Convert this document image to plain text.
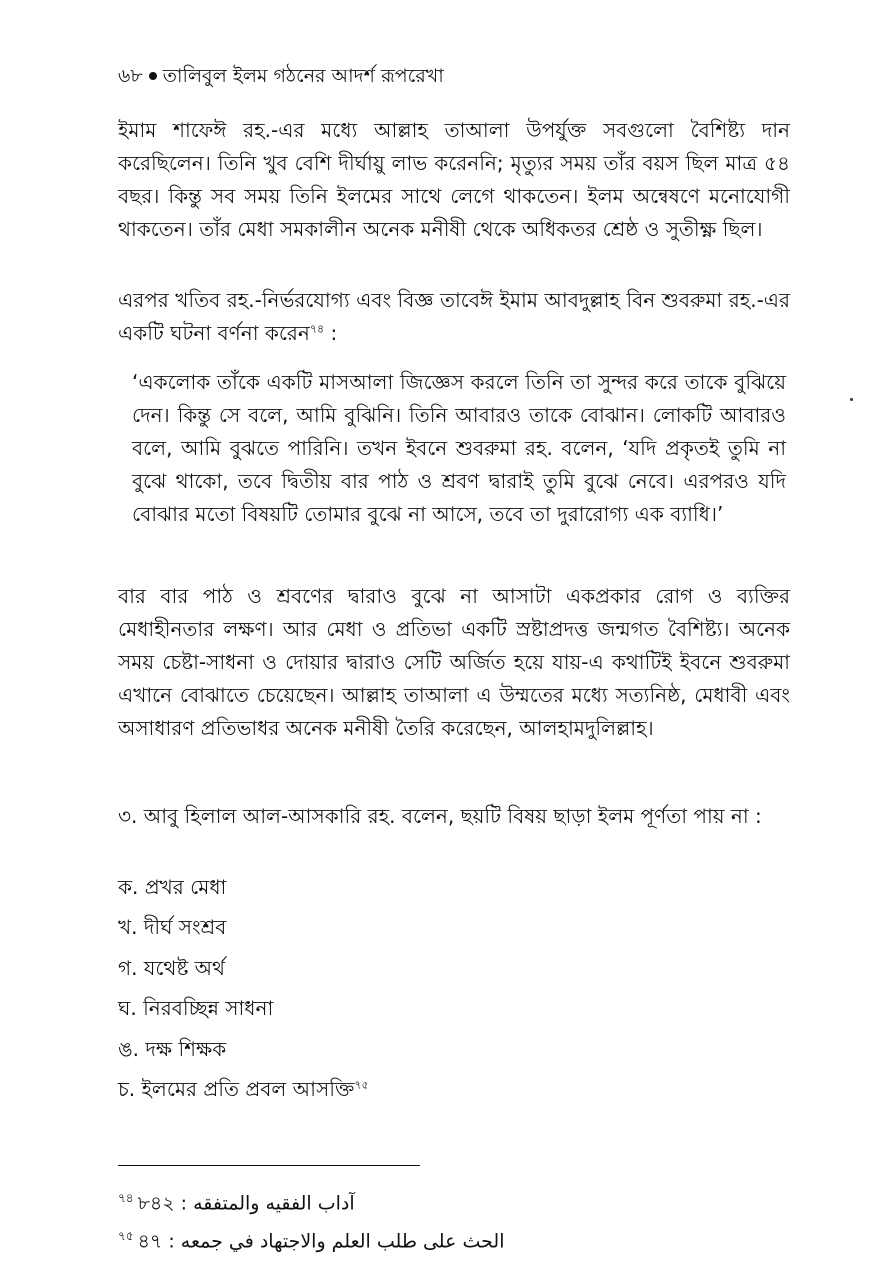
৬৮ তালিবুল ইলম গঠনের আদর্শ রূপরেখা

ইমাম শাফেঈ রহ.-এর মধ্যে আল্লাহ তাআলা উপর্যুক্ত সবগুলো বৈশিষ্ট্য দান করেছিলেন। তিনি খুব বেশি দীর্ঘায়ু লাভ করেননি; মৃত্যুর সময় তাঁর বয়স ছিল মাত্র ৫৪ বছর। কিন্তু সব সময় তিনি ইলমের সাথে লেগে থাকতেন। ইলম অন্বেষণে মনোযোগী থাকতেন। তাঁর মেধা সমকালীন অনেক মনীষী থেকে অধিকতর শ্রেষ্ঠ ও সুতীক্ষ্ণ ছিল।

এরপর খতিব রহ.-নির্ভরযোগ্য এবং বিজ্ঞ তাবেঈ ইমাম আবদুল্লাহ বিন শুবরুমা রহ.-এর একটি ঘটনা বর্ণনা করেন$^{৭৪}$ :

‘একলোক তাঁকে একটি মাসআলা জিজ্ঞেস করলে তিনি তা সুন্দর করে তাকে বুঝিয়ে দেন। কিন্তু সে বলে, আমি বুঝিনি। তিনি আবারও তাকে বোঝান। লোকটি আবারও বলে, আমি বুঝতে পারিনি। তখন ইবনে শুবরুমা রহ. বলেন, ‘যদি প্রকৃতই তুমি না বুঝে থাকো, তবে দ্বিতীয় বার পাঠ ও শ্রবণ দ্বারাই তুমি বুঝে নেবে। এরপরও যদি বোঝার মতো বিষয়টি তোমার বুঝে না আসে, তবে তা দুরারোগ্য এক ব্যাধি।’

বার বার পাঠ ও শ্রবণের দ্বারাও বুঝে না আসাটা একপ্রকার রোগ ও ব্যক্তির মেধাহীনতার লক্ষণ। আর মেধা ও প্রতিভা একটি স্রষ্টাপ্রদত্ত জন্মগত বৈশিষ্ট্য। অনেক সময় চেষ্টা-সাধনা ও দোয়ার দ্বারাও সেটি অর্জিত হয়ে যায়-এ কথাটিই ইবনে শুবরুমা এখানে বোঝাতে চেয়েছেন। আল্লাহ তাআলা এ উম্মতের মধ্যে সত্যনিষ্ঠ, মেধাবী এবং অসাধারণ প্রতিভাধর অনেক মনীষী তৈরি করেছেন, আলহামদুলিল্লাহ।

৩. আবু হিলাল আল-আসকারি রহ. বলেন, ছয়টি বিষয় ছাড়া ইলম পূর্ণতা পায় না :

ক. প্রখর মেধা
খ. দীর্ঘ সংশ্রব
গ. যথেষ্ট অর্থ
ঘ. নিরবচ্ছিন্ন সাধনা
ঙ. দক্ষ শিক্ষক
চ. ইলমের প্রতি প্রবল আসক্তি$^{৭৫}$
$^{৭৪}$ آداب الفقيه والمتفقه : ৮৪২
$^{৭৫}$ الحث على طلب العلم والاجتهاد في جمعه : ৪৭
